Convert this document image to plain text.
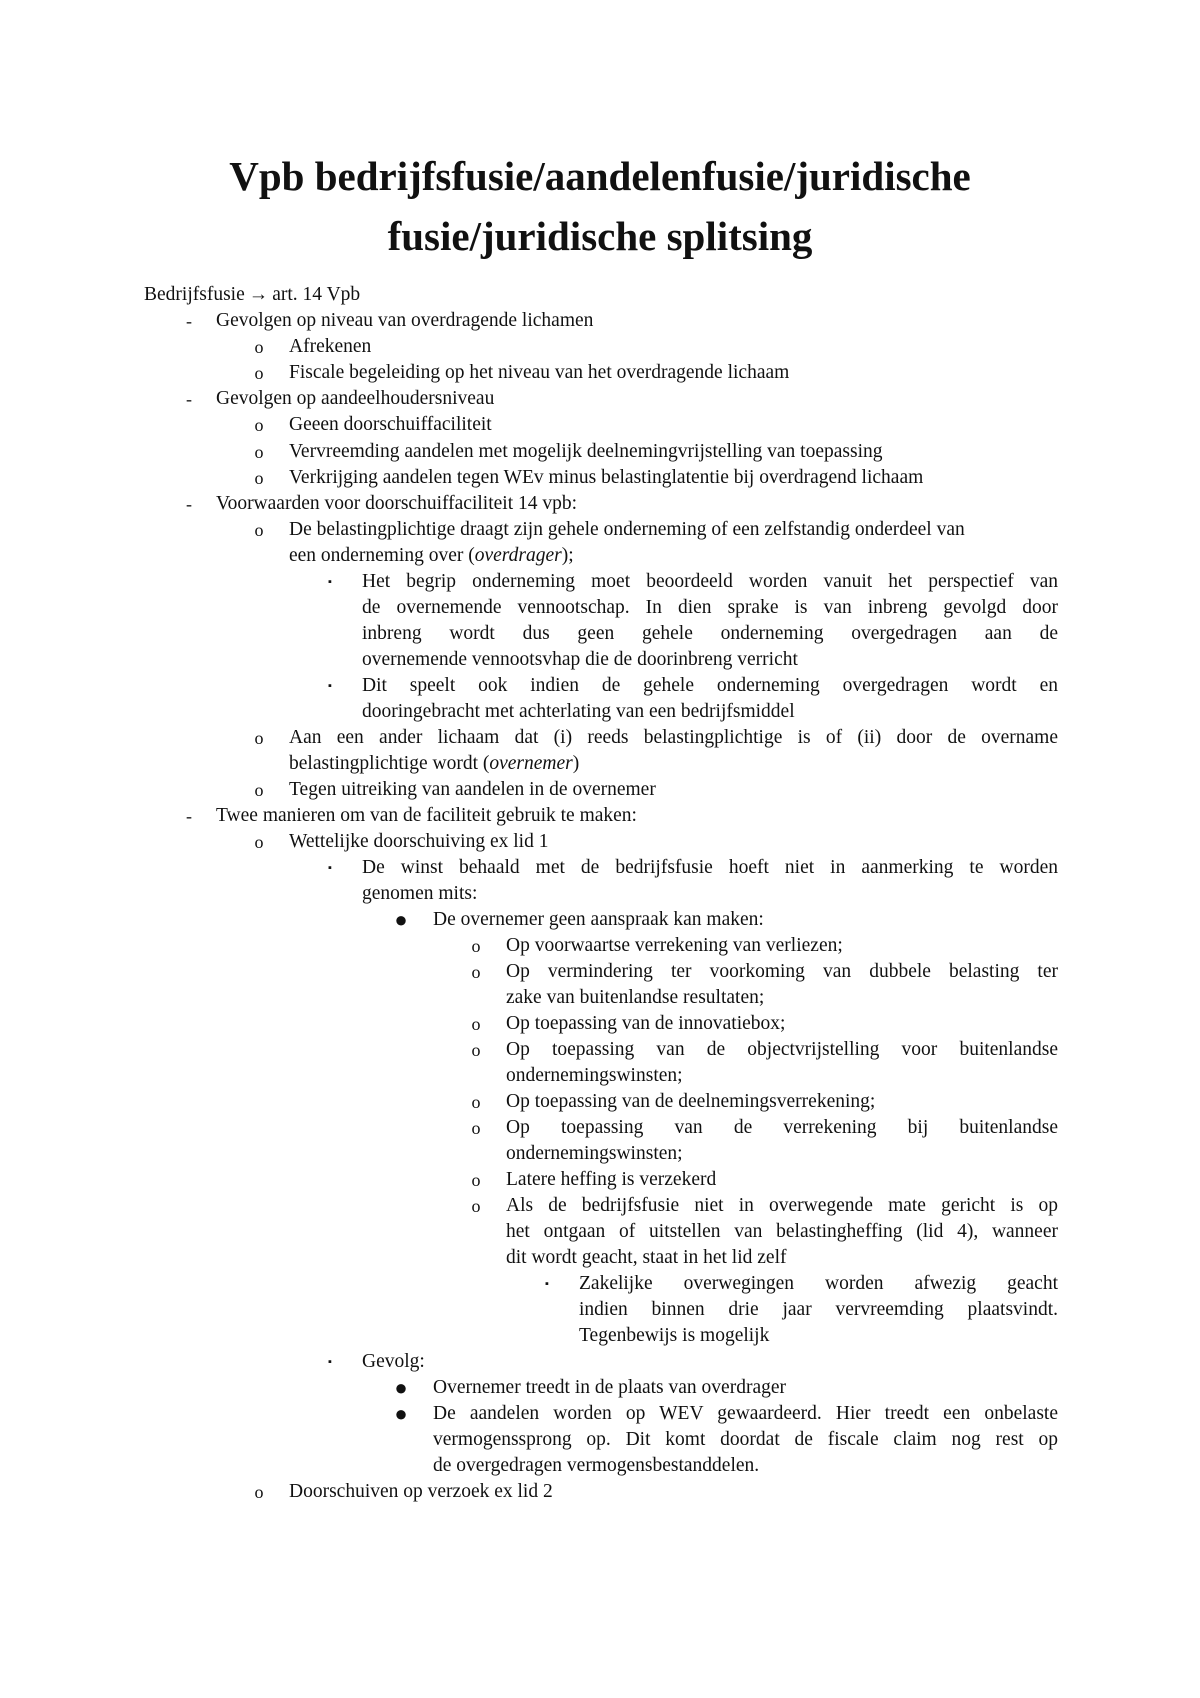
Vpb bedrijfsfusie/aandelenfusie/juridische
fusie/juridische splitsing
Bedrijfsfusie → art. 14 Vpb
-	Gevolgen op niveau van overdragende lichamen
o	Afrekenen
o	Fiscale begeleiding op het niveau van het overdragende lichaam
-	Gevolgen op aandeelhoudersniveau
o	Geeen doorschuiffaciliteit
o	Vervreemding aandelen met mogelijk deelnemingvrijstelling van toepassing
o	Verkrijging aandelen tegen WEv minus belastinglatentie bij overdragend lichaam
-	Voorwaarden voor doorschuiffaciliteit 14 vpb:
o	De belastingplichtige draagt zijn gehele onderneming of een zelfstandig onderdeel van
een onderneming over (overdrager);
▪	Het begrip onderneming moet beoordeeld worden vanuit het perspectief van
de overnemende vennootschap. In dien sprake is van inbreng gevolgd door
inbreng wordt dus geen gehele onderneming overgedragen aan de
overnemende vennootsvhap die de doorinbreng verricht
▪	Dit speelt ook indien de gehele onderneming overgedragen wordt en
dooringebracht met achterlating van een bedrijfsmiddel
o	Aan een ander lichaam dat (i) reeds belastingplichtige is of (ii) door de overname
belastingplichtige wordt (overnemer)
o	Tegen uitreiking van aandelen in de overnemer
-	Twee manieren om van de faciliteit gebruik te maken:
o	Wettelijke doorschuiving ex lid 1
▪	De winst behaald met de bedrijfsfusie hoeft niet in aanmerking te worden
genomen mits:
● De overnemer geen aanspraak kan maken:
o	Op voorwaartse verrekening van verliezen;
o	Op vermindering ter voorkoming van dubbele belasting ter
zake van buitenlandse resultaten;
o	Op toepassing van de innovatiebox;
o	Op toepassing van de objectvrijstelling voor buitenlandse
ondernemingswinsten;
o	Op toepassing van de deelnemingsverrekening;
o	Op toepassing van de verrekening bij buitenlandse
ondernemingswinsten;
o	Latere heffing is verzekerd
o	Als de bedrijfsfusie niet in overwegende mate gericht is op
het ontgaan of uitstellen van belastingheffing (lid 4), wanneer
dit wordt geacht, staat in het lid zelf
▪	Zakelijke overwegingen worden afwezig geacht
indien binnen drie jaar vervreemding plaatsvindt.
Tegenbewijs is mogelijk
▪	Gevolg:
● Overnemer treedt in de plaats van overdrager
● De aandelen worden op WEV gewaardeerd. Hier treedt een onbelaste
vermogenssprong op. Dit komt doordat de fiscale claim nog rest op
de overgedragen vermogensbestanddelen.
o	Doorschuiven op verzoek ex lid 2
